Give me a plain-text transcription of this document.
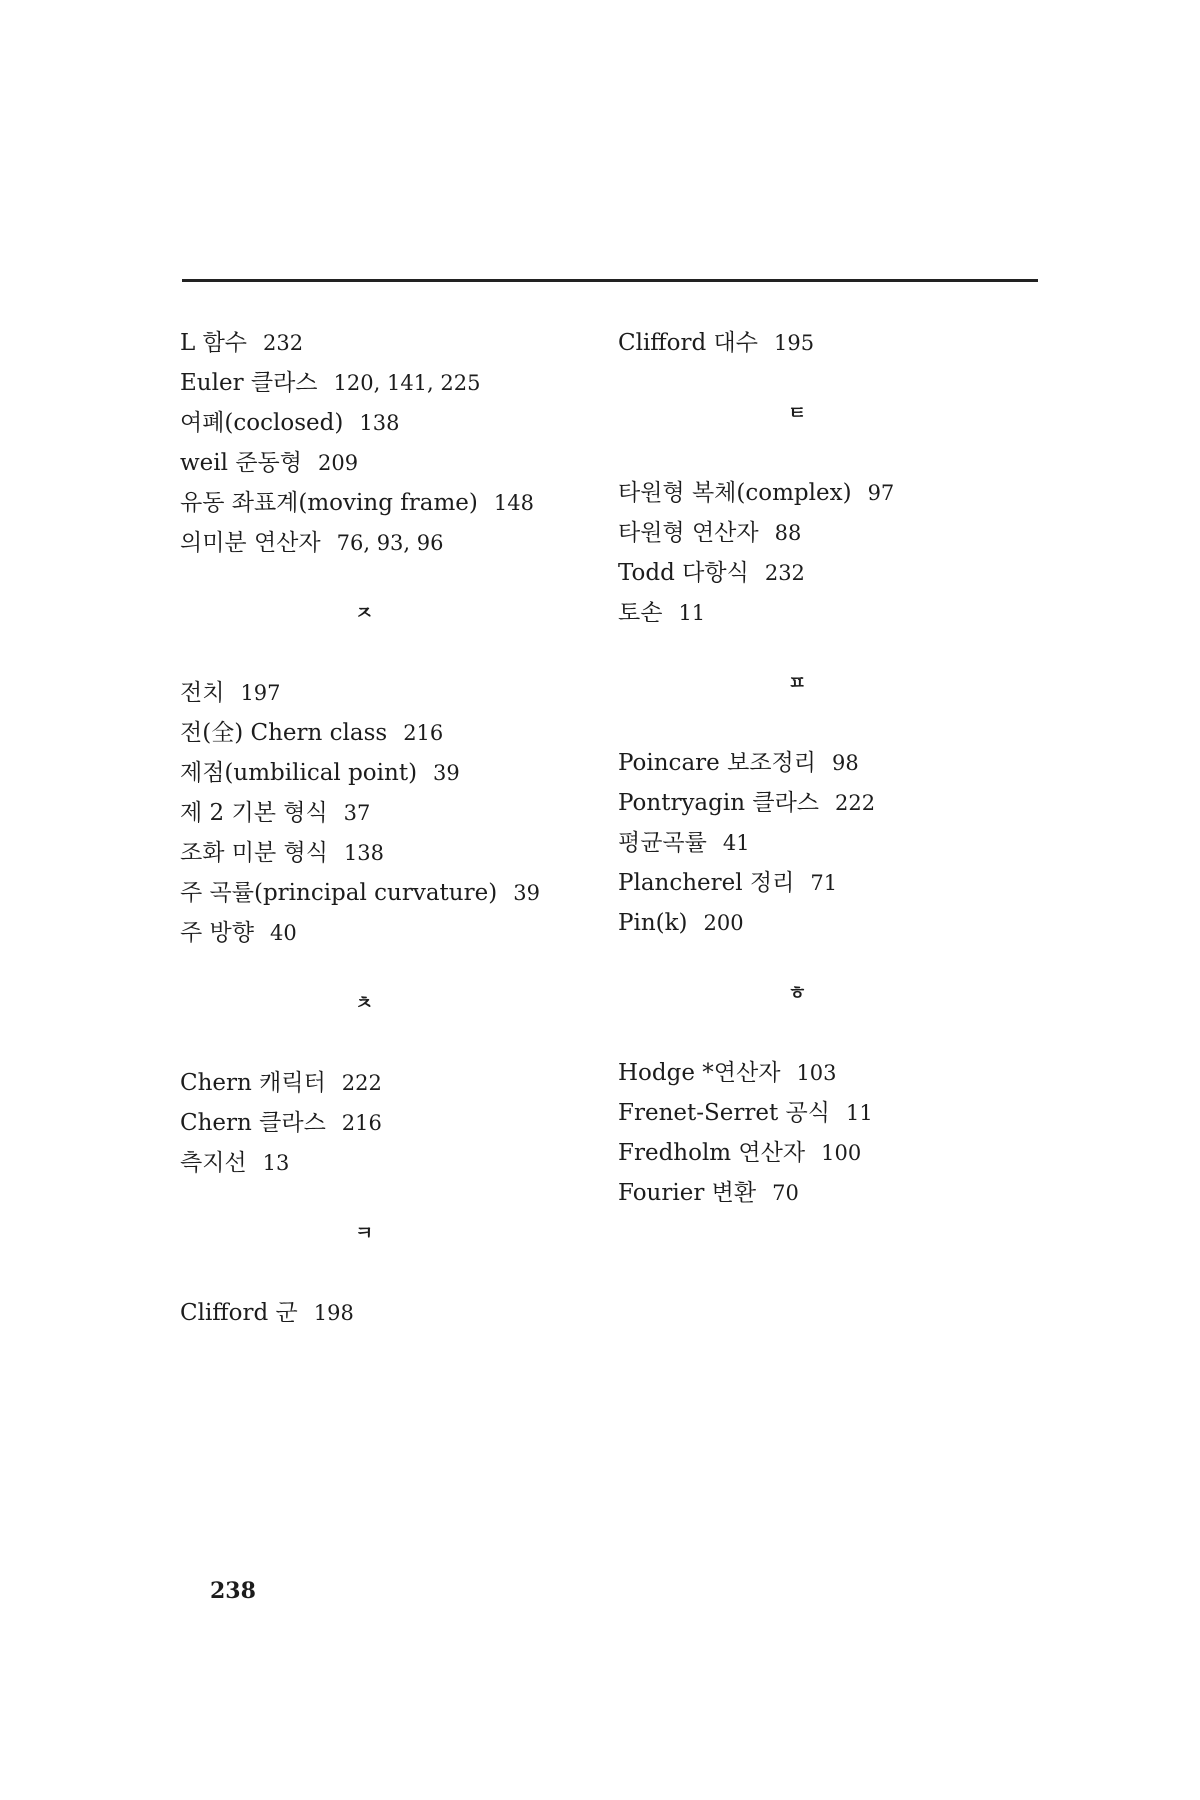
L 함수 232
Euler 클라스 120, 141, 225
여폐(coclosed) 138
weil 준동형 209
유동 좌표계(moving frame) 148
의미분 연산자 76, 93, 96
ㅈ
전치 197
전(全) Chern class 216
제점(umbilical point) 39
제 2 기본 형식 37
조화 미분 형식 138
주 곡률(principal curvature) 39
주 방향 40
ㅊ
Chern 캐릭터 222
Chern 클라스 216
측지선 13
ㅋ
Clifford 군 198
Clifford 대수 195
ㅌ
타원형 복체(complex) 97
타원형 연산자 88
Todd 다항식 232
토손 11
ㅍ
Poincare 보조정리 98
Pontryagin 클라스 222
평균곡률 41
Plancherel 정리 71
Pin(k) 200
ㅎ
Hodge *연산자 103
Frenet-Serret 공식 11
Fredholm 연산자 100
Fourier 변환 70
238
